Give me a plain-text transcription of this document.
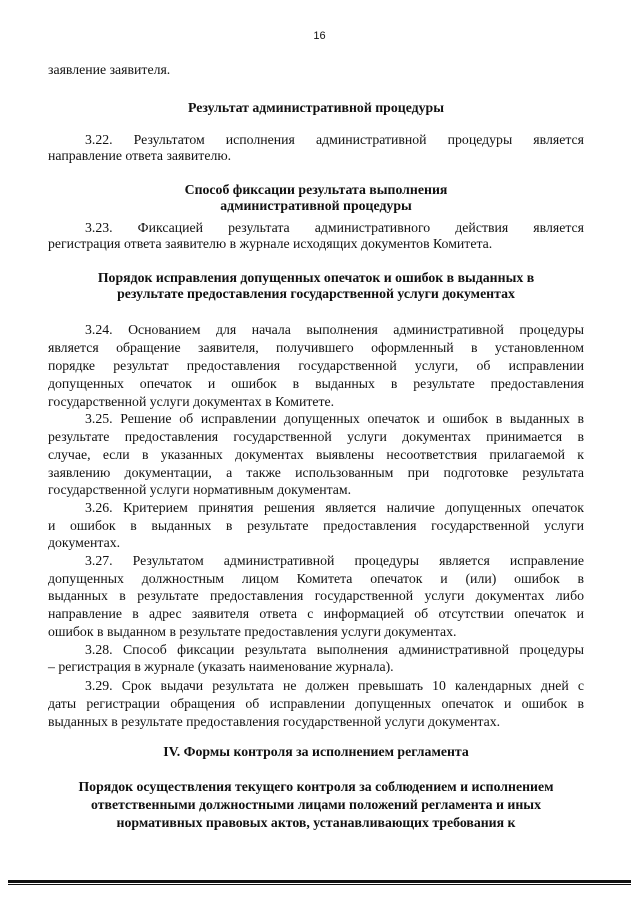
16
заявление заявителя.
Результат административной процедуры
3.22. Результатом исполнения административной процедуры является
направление ответа заявителю.
Способ фиксации результата выполнения
административной процедуры
3.23. Фиксацией результата административного действия является
регистрация ответа заявителю в журнале исходящих документов Комитета.
Порядок исправления допущенных опечаток и ошибок в выданных в
результате предоставления государственной услуги документах
3.24. Основанием для начала выполнения административной процедуры
является обращение заявителя, получившего оформленный в установленном
порядке результат предоставления государственной услуги, об исправлении
допущенных опечаток и ошибок в выданных в результате предоставления
государственной услуги документах в Комитете.
3.25. Решение об исправлении допущенных опечаток и ошибок в выданных в
результате предоставления государственной услуги документах принимается в
случае, если в указанных документах выявлены несоответствия прилагаемой к
заявлению документации, а также использованным при подготовке результата
государственной услуги нормативным документам.
3.26. Критерием принятия решения является наличие допущенных опечаток
и ошибок в выданных в результате предоставления государственной услуги
документах.
3.27. Результатом административной процедуры является исправление
допущенных должностным лицом Комитета опечаток и (или) ошибок в
выданных в результате предоставления государственной услуги документах либо
направление в адрес заявителя ответа с информацией об отсутствии опечаток и
ошибок в выданном в результате предоставления услуги документах.
3.28. Способ фиксации результата выполнения административной процедуры
– регистрация в журнале (указать наименование журнала).
3.29. Срок выдачи результата не должен превышать 10 календарных дней с
даты регистрации обращения об исправлении допущенных опечаток и ошибок в
выданных в результате предоставления государственной услуги документах.
IV. Формы контроля за исполнением регламента
Порядок осуществления текущего контроля за соблюдением и исполнением
ответственными должностными лицами положений регламента и иных
нормативных правовых актов, устанавливающих требования к
